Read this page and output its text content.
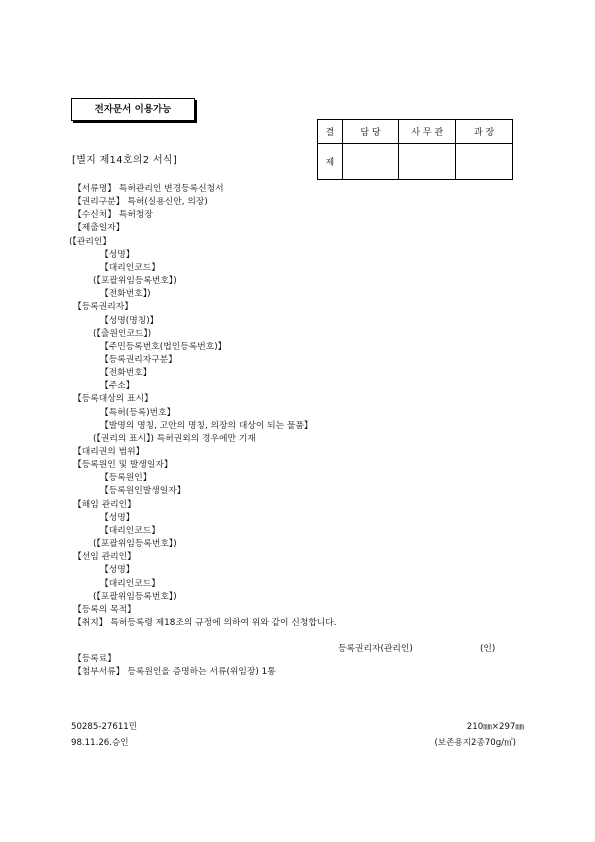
전자문서 이용가능
결	담 당	사 무 관	과 장
제			
[별지 제14호의2 서식]
【서류명】 특허관리인 변경등록신청서
【권리구분】 특허(실용신안, 의장)
【수신처】 특허청장
【제출일자】
(【관리인】
【성명】
【대리인코드】
(【포괄위임등록번호】)
【전화번호】)
【등록권리자】
【성명(명칭)】
(【출원인코드】)
【주민등록번호(법인등록번호)】
【등록권리자구분】
【전화번호】
【주소】
【등록대상의 표시】
【특허(등록)번호】
【발명의 명칭, 고안의 명칭, 의장의 대상이 되는 물품】
(【권리의 표시】) 특허권외의 경우에만 기재
【대리권의 범위】
【등록원인 및 발생일자】
【등록원인】
【등록원인발생일자】
【해임 관리인】
【성명】
【대리인코드】
(【포괄위임등록번호】)
【선임 관리인】
【성명】
【대리인코드】
(【포괄위임등록번호】)
【등록의 목적】
【취지】 특허등록령 제18조의 규정에 의하여 위와 같이 신청합니다.
등록권리자(관리인)	(인)
【등록료】
【첨부서류】 등록원인을 증명하는 서류(위임장) 1통
50285-27611민
98.11.26.승인
210㎜×297㎜
(보존용지2종70g/㎡)
